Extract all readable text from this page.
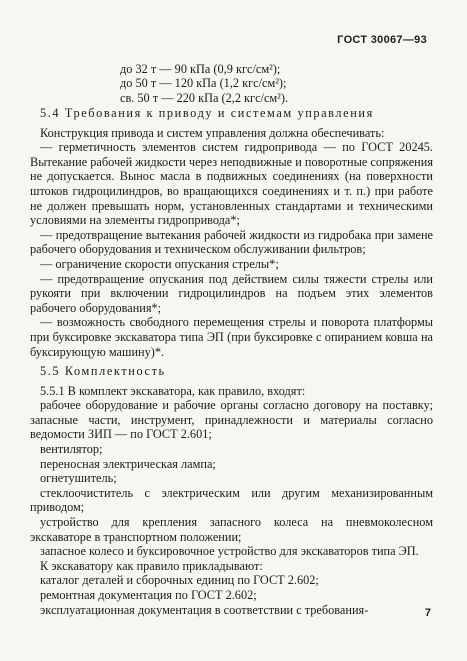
ГОСТ 30067—93
до 32 т — 90 кПа (0,9 кгс/см²);
до 50 т — 120 кПа (1,2 кгс/см²);
св. 50 т — 220 кПа (2,2 кгс/см²).

5.4 Требования к приводу и системам управления

Конструкция привода и систем управления должна обеспечивать:

— герметичность элементов систем гидропривода — по ГОСТ 20245. Вытекание рабочей жидкости через неподвижные и поворотные сопряжения не допускается. Вынос масла в подвижных соединениях (на поверхности штоков гидроцилиндров, во вращающихся соединениях и т. п.) при работе не должен превышать норм, установленных стандартами и техническими условиями на элементы гидропривода*;

— предотвращение вытекания рабочей жидкости из гидробака при замене рабочего оборудования и техническом обслуживании фильтров;

— ограничение скорости опускания стрелы*;

— предотвращение опускания под действием силы тяжести стрелы или рукояти при включении гидроцилиндров на подъем этих элементов рабочего оборудования*;

— возможность свободного перемещения стрелы и поворота платформы при буксировке экскаватора типа ЭП (при буксировке с опиранием ковша на буксирующую машину)*.

5.5 Комплектность

5.5.1 В комплект экскаватора, как правило, входят:

рабочее оборудование и рабочие органы согласно договору на поставку; запасные части, инструмент, принадлежности и материалы согласно ведомости ЗИП — по ГОСТ 2.601;

вентилятор;

переносная электрическая лампа;

огнетушитель;

стеклоочиститель с электрическим или другим механизированным приводом;

устройство для крепления запасного колеса на пневмоколесном экскаваторе в транспортном положении;

запасное колесо и буксировочное устройство для экскаваторов типа ЭП.

К экскаватору как правило прикладывают:

каталог деталей и сборочных единиц по ГОСТ 2.602;

ремонтная документация по ГОСТ 2.602;

эксплуатационная документация в соответствии с требования-	7
